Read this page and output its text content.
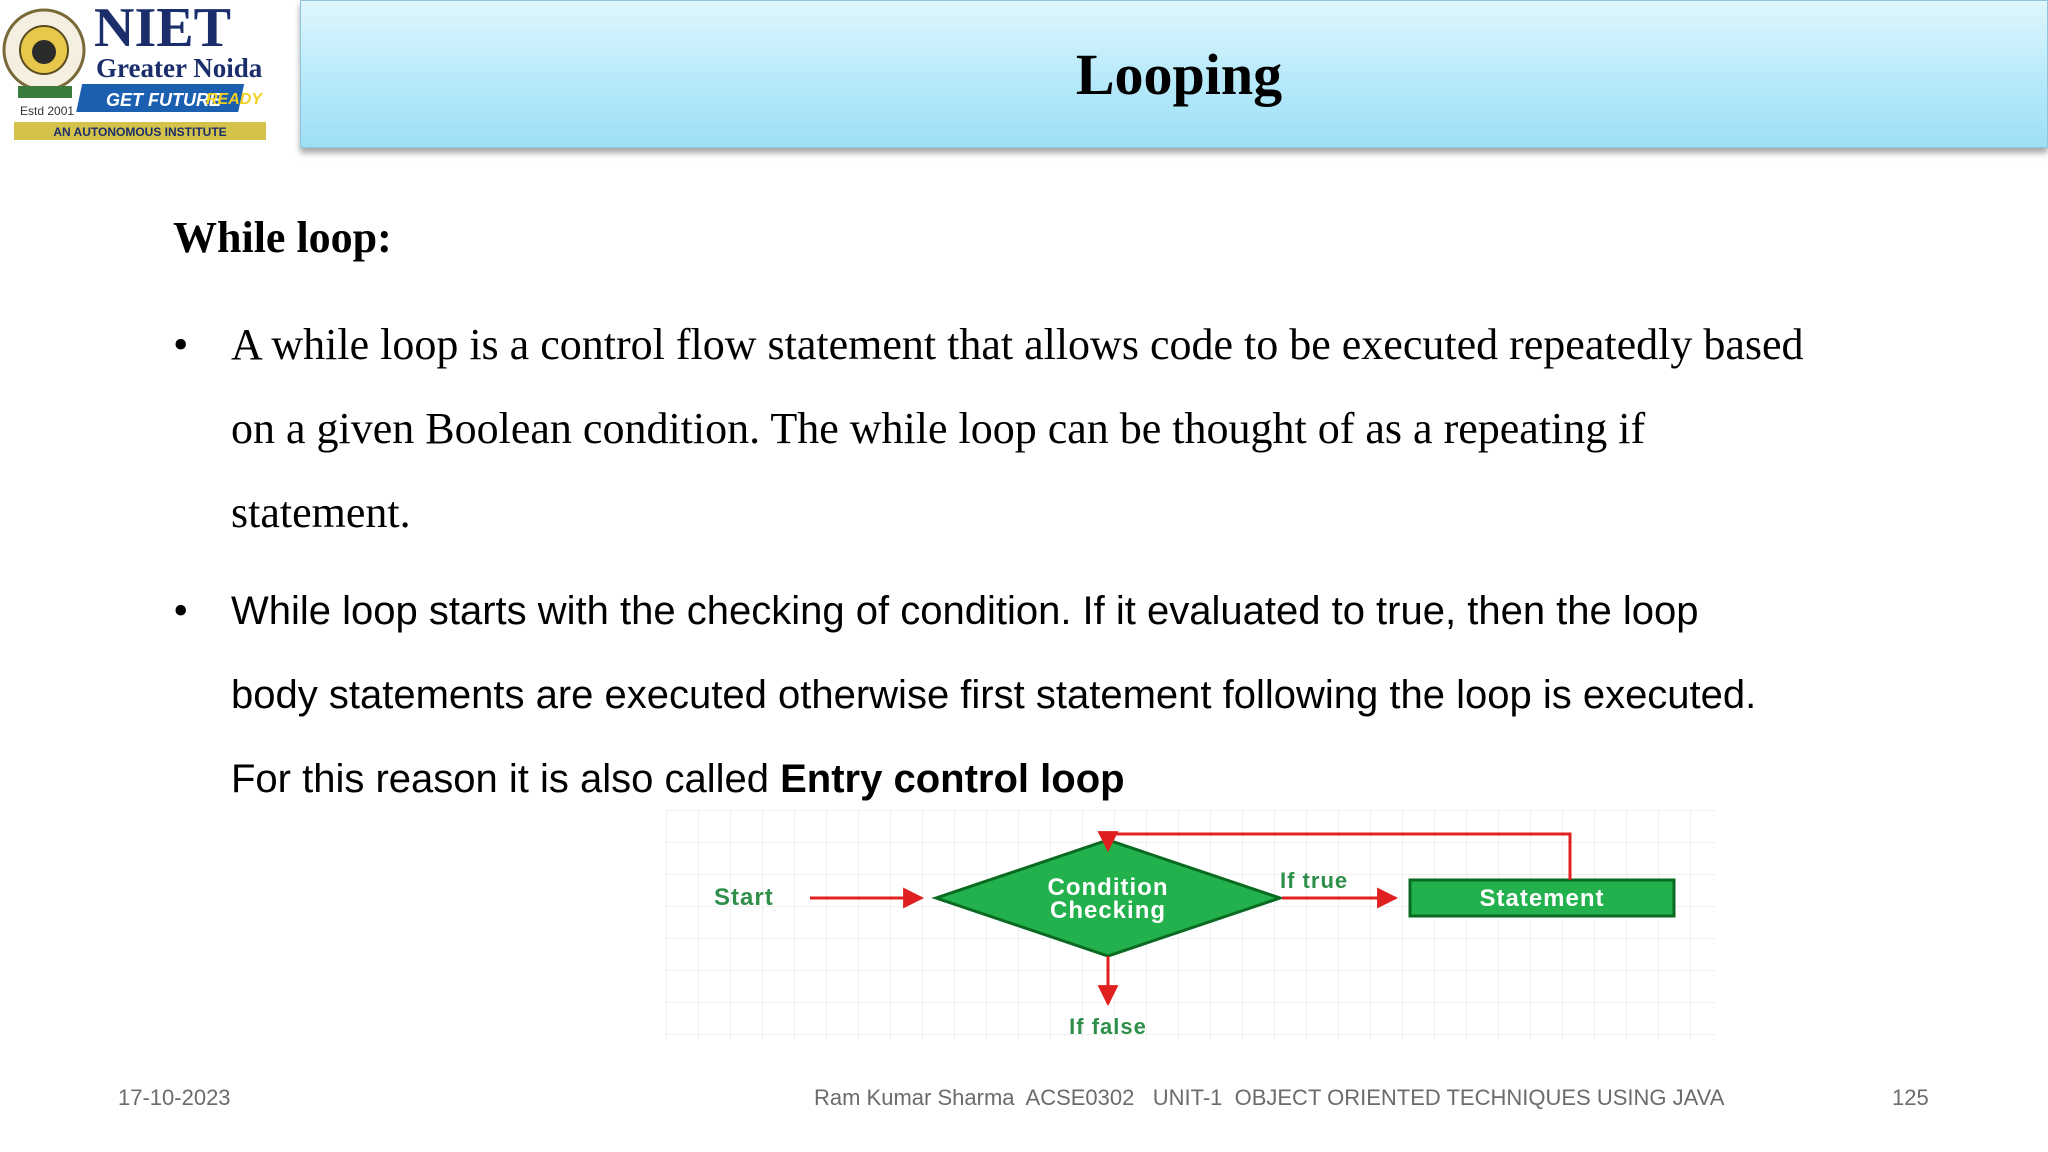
NIET
Greater Noida
GET FUTURE
READY
Estd 2001
AN AUTONOMOUS INSTITUTE
Looping
While loop:
• A while loop is a control flow statement that allows code to be executed repeatedly based
on a given Boolean condition. The while loop can be thought of as a repeating if
statement.
• While loop starts with the checking of condition. If it evaluated to true, then the loop
body statements are executed otherwise first statement following the loop is executed.
For this reason it is also called Entry control loop
Start	Condition
Checking
If true
Statement
If false
17-10-2023	Ram Kumar Sharma  ACSE0302   UNIT-1  OBJECT ORIENTED TECHNIQUES USING JAVA	125
